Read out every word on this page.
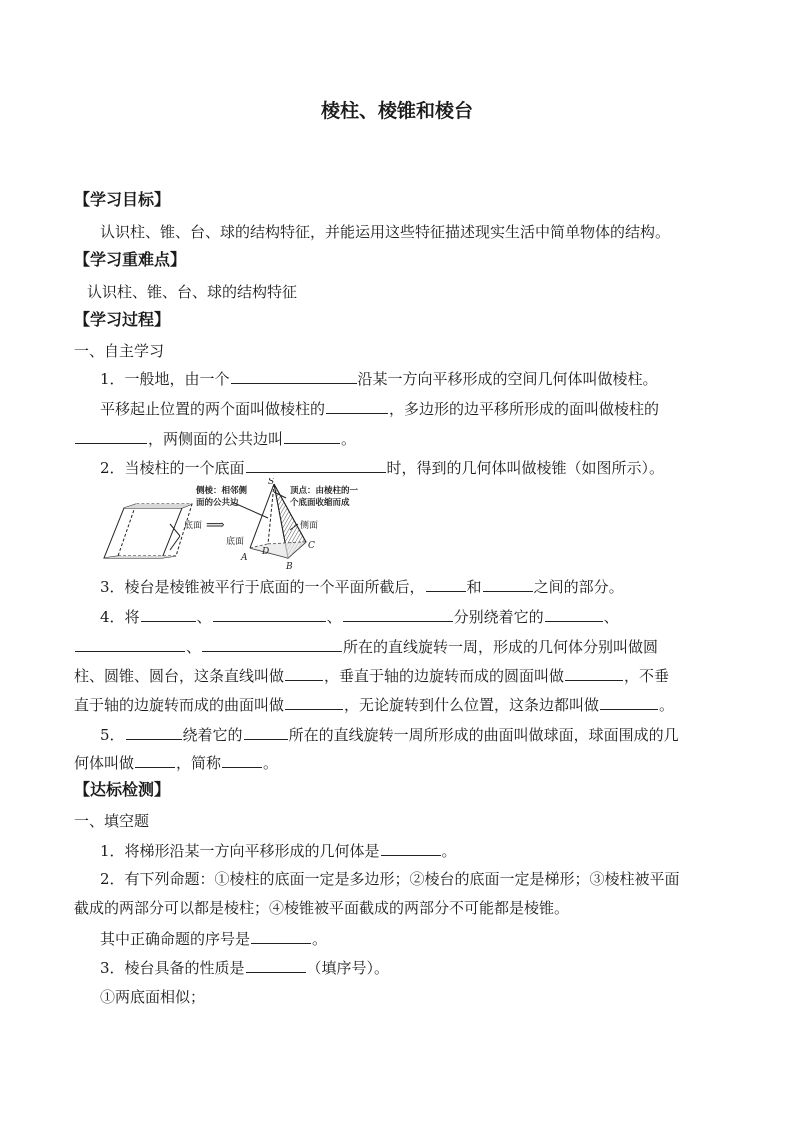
棱柱、棱锥和棱台
【学习目标】
认识柱、锥、台、球的结构特征，并能运用这些特征描述现实生活中简单物体的结构。
【学习重难点】
认识柱、锥、台、球的结构特征
【学习过程】
一、自主学习
1．一般地，由一个	沿某一方向平移形成的空间几何体叫做棱柱。
平移起止位置的两个面叫做棱柱的	，多边形的边平移所形成的面叫做棱柱的
，两侧面的公共边叫	。
2．当棱柱的一个底面	时，得到的几何体叫做棱锥（如图所示）。
侧棱：相邻侧
面的公共边
顶点：由棱柱的一
个底面收缩而成
底面 ⟹	侧面
底面
S
A
B
C
D
3．棱台是棱锥被平行于底面的一个平面所截后，	和	之间的部分。
4．将	、	、	分别绕着它的	、
、	所在的直线旋转一周，形成的几何体分别叫做圆
柱、圆锥、圆台，这条直线叫做	，垂直于轴的边旋转而成的圆面叫做	，不垂
直于轴的边旋转而成的曲面叫做	，无论旋转到什么位置，这条边都叫做	。
5．	绕着它的	所在的直线旋转一周所形成的曲面叫做球面，球面围成的几
何体叫做	，简称	。
【达标检测】
一、填空题
1．将梯形沿某一方向平移形成的几何体是	。
2．有下列命题：①棱柱的底面一定是多边形；②棱台的底面一定是梯形；③棱柱被平面
截成的两部分可以都是棱柱；④棱锥被平面截成的两部分不可能都是棱锥。
其中正确命题的序号是	。
3．棱台具备的性质是	（填序号）。
①两底面相似；
